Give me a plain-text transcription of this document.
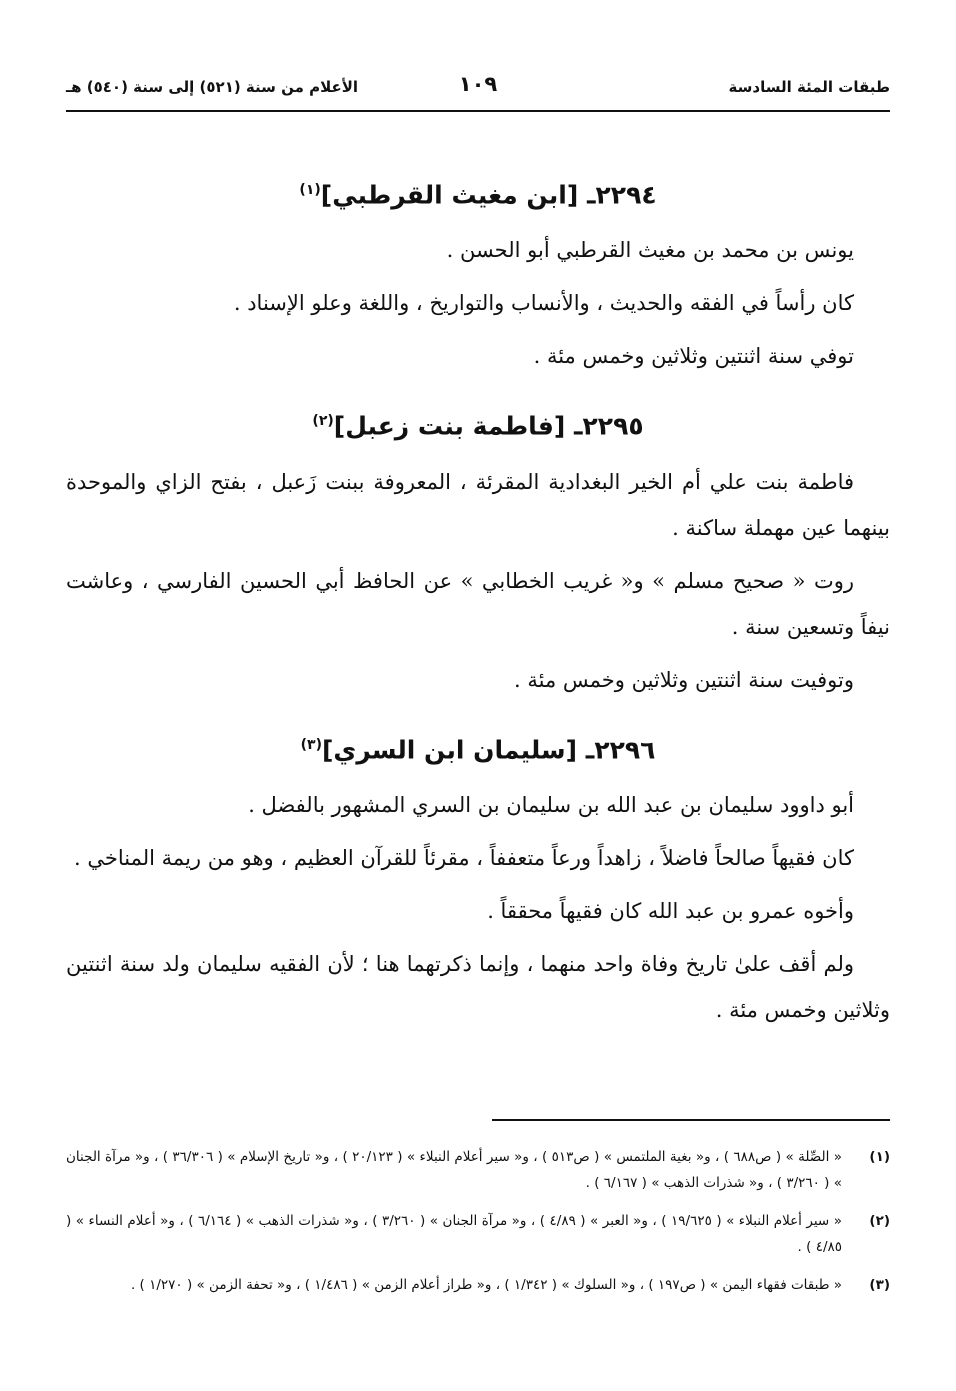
طبقات المئة السادسة
١٠٩
الأعلام من سنة (٥٢١) إلى سنة (٥٤٠) هـ
٢٢٩٤ـ [ابن مغيث القرطبي]$^{(١)}$

يونس بن محمد بن مغيث القرطبي أبو الحسن .

كان رأساً في الفقه والحديث ، والأنساب والتواريخ ، واللغة وعلو الإسناد .

توفي سنة اثنتين وثلاثين وخمس مئة .

٢٢٩٥ـ [فاطمة بنت زعبل]$^{(٢)}$

فاطمة بنت علي أم الخير البغدادية المقرئة ، المعروفة ببنت زَعبل ، بفتح الزاي والموحدة بينهما عين مهملة ساكنة .

روت « صحيح مسلم » و« غريب الخطابي » عن الحافظ أبي الحسين الفارسي ، وعاشت نيفاً وتسعين سنة .

وتوفيت سنة اثنتين وثلاثين وخمس مئة .

٢٢٩٦ـ [سليمان ابن السري]$^{(٣)}$

أبو داوود سليمان بن عبد الله بن سليمان بن السري المشهور بالفضل .

كان فقيهاً صالحاً فاضلاً ، زاهداً ورعاً متعففاً ، مقرئاً للقرآن العظيم ، وهو من ريمة المناخي .

وأخوه عمرو بن عبد الله كان فقيهاً محققاً .

ولم أقف علىٰ تاريخ وفاة واحد منهما ، وإنما ذكرتهما هنا ؛ لأن الفقيه سليمان ولد سنة اثنتين وثلاثين وخمس مئة .

(١)
« الصِّلة » ( ص٦٨٨ ) ، و« بغية الملتمس » ( ص٥١٣ ) ، و« سير أعلام النبلاء » ( ٢٠/١٢٣ ) ، و« تاريخ الإسلام » ( ٣٦/٣٠٦ ) ، و« مرآة الجنان » ( ٣/٢٦٠ ) ، و« شذرات الذهب » ( ٦/١٦٧ ) .
(٢)
« سير أعلام النبلاء » ( ١٩/٦٢٥ ) ، و« العبر » ( ٤/٨٩ ) ، و« مرآة الجنان » ( ٣/٢٦٠ ) ، و« شذرات الذهب » ( ٦/١٦٤ ) ، و« أعلام النساء » ( ٤/٨٥ ) .
(٣)
« طبقات فقهاء اليمن » ( ص١٩٧ ) ، و« السلوك » ( ١/٣٤٢ ) ، و« طراز أعلام الزمن » ( ١/٤٨٦ ) ، و« تحفة الزمن » ( ١/٢٧٠ ) .
